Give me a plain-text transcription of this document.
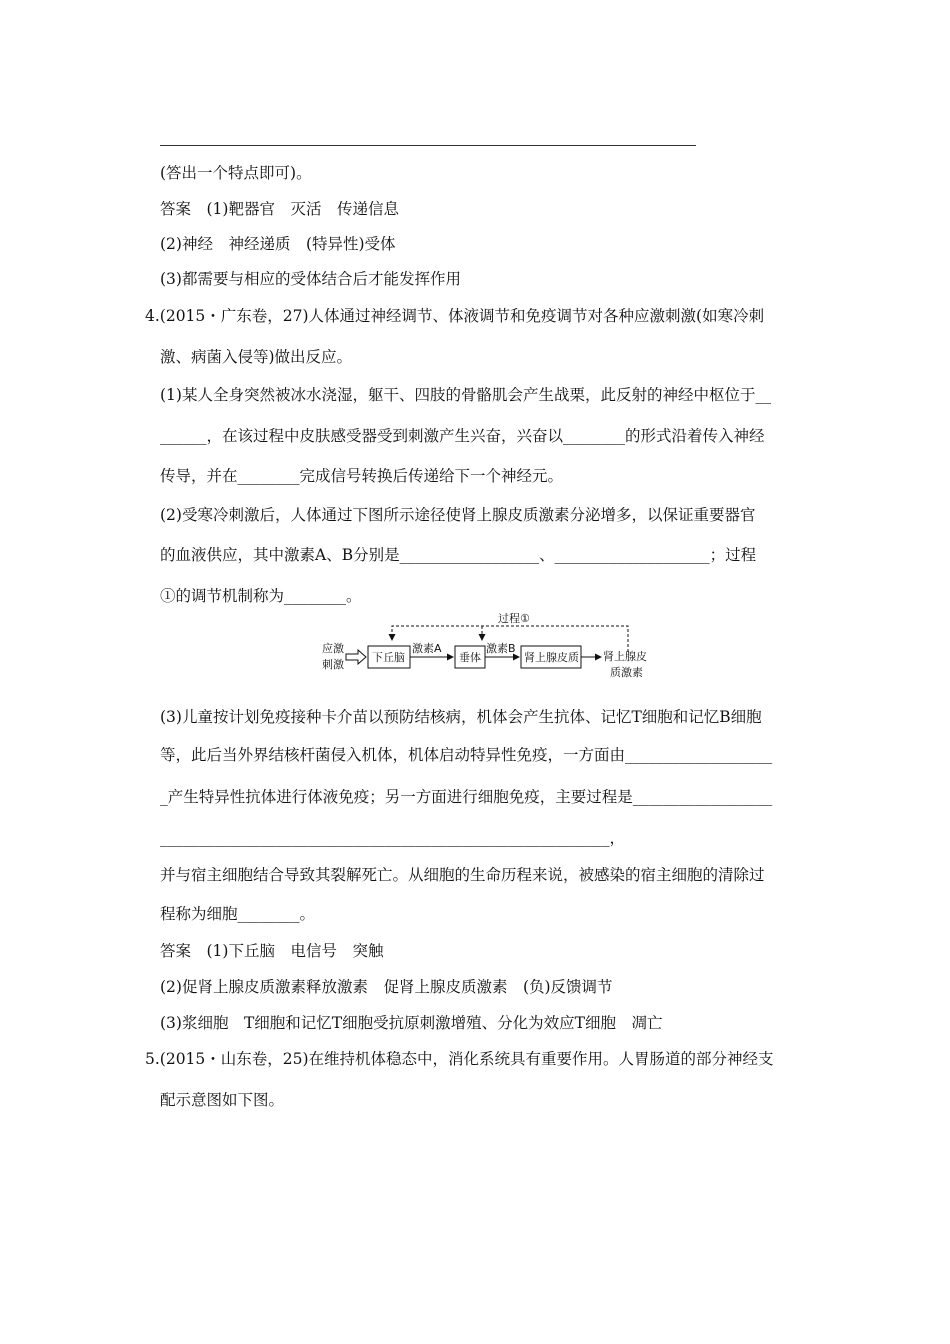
(答出一个特点即可)。
答案　(1)靶器官　灭活　传递信息
(2)神经　神经递质　(特异性)受体
(3)都需要与相应的受体结合后才能发挥作用
4.(2015・广东卷，27)人体通过神经调节、体液调节和免疫调节对各种应激刺激(如寒冷刺
激、病菌入侵等)做出反应。
(1)某人全身突然被冰水浇湿，躯干、四肢的骨骼肌会产生战栗，此反射的神经中枢位于__
______，在该过程中皮肤感受器受到刺激产生兴奋，兴奋以________的形式沿着传入神经
传导，并在________完成信号转换后传递给下一个神经元。
(2)受寒冷刺激后，人体通过下图所示途径使肾上腺皮质激素分泌增多，以保证重要器官
的血液供应，其中激素A、B分别是__________________、____________________；过程
①的调节机制称为________。
过程①
应激
刺激
下丘脑
激素A
垂体
激素B
肾上腺皮质 肾上腺皮
质激素
(3)儿童按计划免疫接种卡介苗以预防结核病，机体会产生抗体、记忆T细胞和记忆B细胞
等，此后当外界结核杆菌侵入机体，机体启动特异性免疫，一方面由___________________
_产生特异性抗体进行体液免疫；另一方面进行细胞免疫，主要过程是__________________
__________________________________________________________，
并与宿主细胞结合导致其裂解死亡。从细胞的生命历程来说，被感染的宿主细胞的清除过
程称为细胞________。
答案　(1)下丘脑　电信号　突触
(2)促肾上腺皮质激素释放激素　促肾上腺皮质激素　(负)反馈调节
(3)浆细胞　T细胞和记忆T细胞受抗原刺激增殖、分化为效应T细胞　凋亡
5.(2015・山东卷，25)在维持机体稳态中，消化系统具有重要作用。人胃肠道的部分神经支
配示意图如下图。
